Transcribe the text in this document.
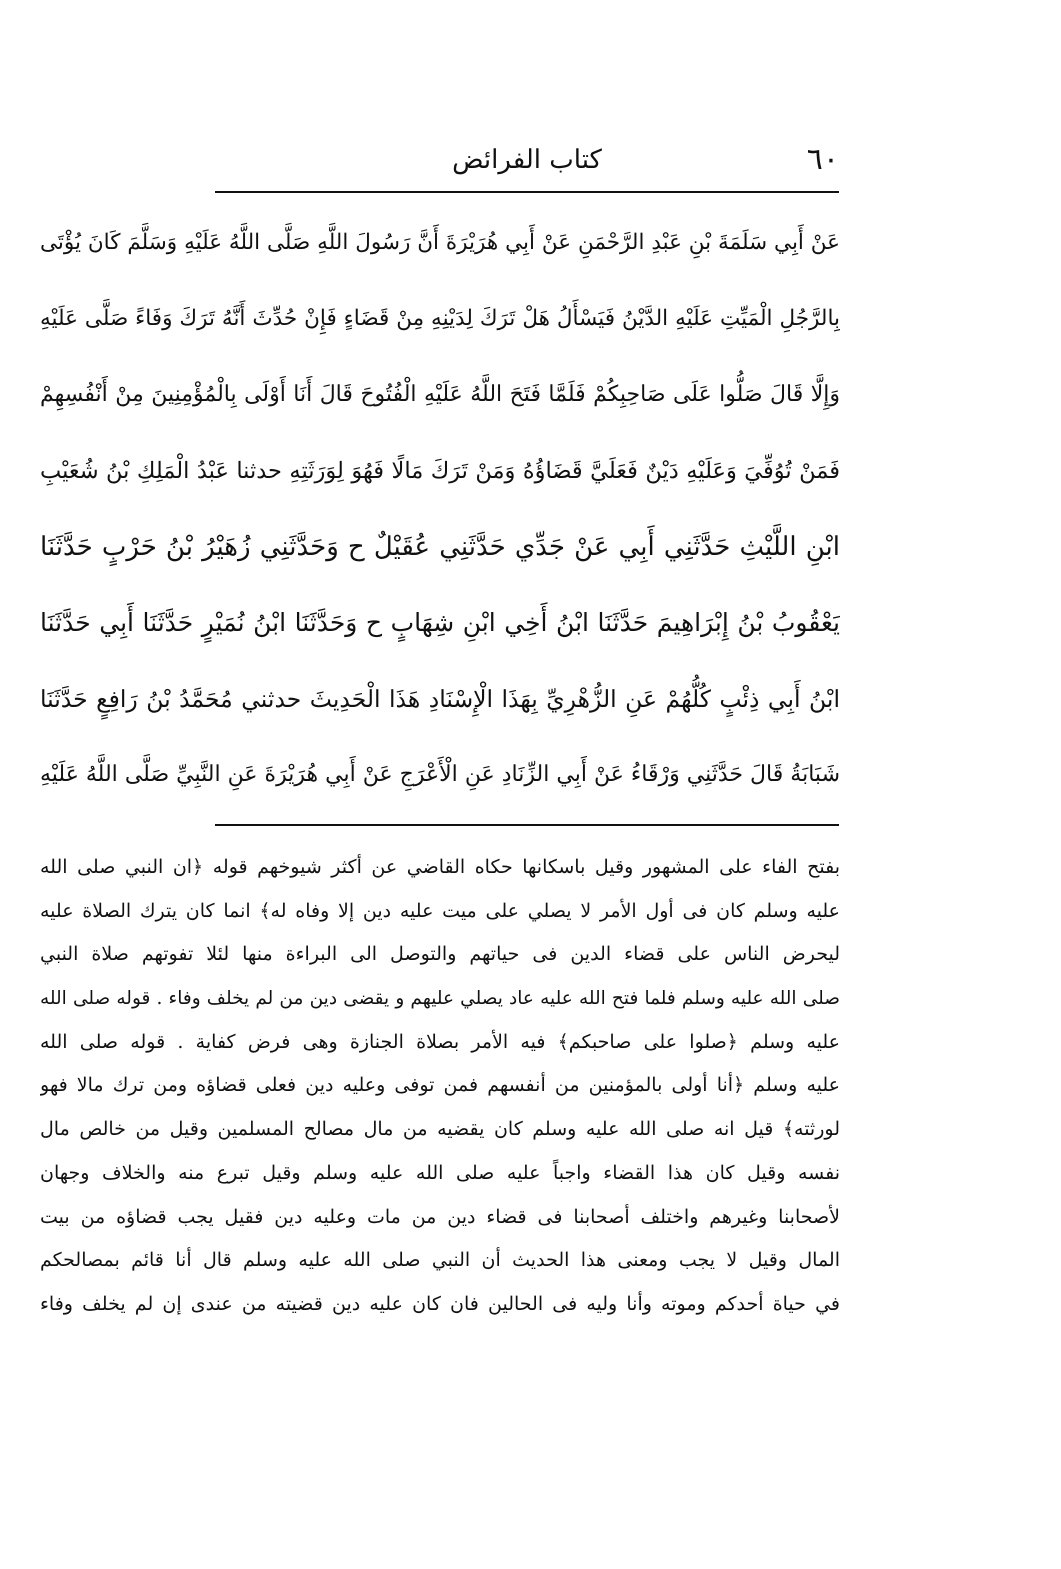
٦٠
كتاب الفرائض
عَنْ أَبِي سَلَمَةَ بْنِ عَبْدِ الرَّحْمَنِ عَنْ أَبِي هُرَيْرَةَ أَنَّ رَسُولَ اللَّهِ صَلَّى اللَّهُ عَلَيْهِ وَسَلَّمَ كَانَ يُؤْتَى
بِالرَّجُلِ الْمَيِّتِ عَلَيْهِ الدَّيْنُ فَيَسْأَلُ هَلْ تَرَكَ لِدَيْنِهِ مِنْ قَضَاءٍ فَإِنْ حُدِّثَ أَنَّهُ تَرَكَ وَفَاءً صَلَّى عَلَيْهِ
وَإِلَّا قَالَ صَلُّوا عَلَى صَاحِبِكُمْ فَلَمَّا فَتَحَ اللَّهُ عَلَيْهِ الْفُتُوحَ قَالَ أَنَا أَوْلَى بِالْمُؤْمِنِينَ مِنْ أَنْفُسِهِمْ
فَمَنْ تُوُفِّيَ وَعَلَيْهِ دَيْنٌ فَعَلَيَّ قَضَاؤُهُ وَمَنْ تَرَكَ مَالًا فَهُوَ لِوَرَثَتِهِ حدثنا عَبْدُ الْمَلِكِ بْنُ شُعَيْبِ
ابْنِ اللَّيْثِ حَدَّثَنِي أَبِي عَنْ جَدِّي حَدَّثَنِي عُقَيْلٌ ح وَحَدَّثَنِي زُهَيْرُ بْنُ حَرْبٍ حَدَّثَنَا
يَعْقُوبُ بْنُ إِبْرَاهِيمَ حَدَّثَنَا ابْنُ أَخِي ابْنِ شِهَابٍ ح وَحَدَّثَنَا ابْنُ نُمَيْرٍ حَدَّثَنَا أَبِي حَدَّثَنَا
ابْنُ أَبِي ذِئْبٍ كُلُّهُمْ عَنِ الزُّهْرِيِّ بِهَذَا الْإِسْنَادِ هَذَا الْحَدِيثَ حدثني مُحَمَّدُ بْنُ رَافِعٍ حَدَّثَنَا
شَبَابَةُ قَالَ حَدَّثَنِي وَرْقَاءُ عَنْ أَبِي الزِّنَادِ عَنِ الْأَعْرَجِ عَنْ أَبِي هُرَيْرَةَ عَنِ النَّبِيِّ صَلَّى اللَّهُ عَلَيْهِ
بفتح الفاء على المشهور وقيل باسكانها حكاه القاضي عن أكثر شيوخهم قوله ﴿ان النبي صلى الله
عليه وسلم كان فى أول الأمر لا يصلي على ميت عليه دين إلا وفاه له﴾ انما كان يترك الصلاة عليه
ليحرض الناس على قضاء الدين فى حياتهم والتوصل الى البراءة منها لئلا تفوتهم صلاة النبي
صلى الله عليه وسلم فلما فتح الله عليه عاد يصلي عليهم و يقضى دين من لم يخلف وفاء . قوله صلى الله
عليه وسلم ﴿صلوا على صاحبكم﴾ فيه الأمر بصلاة الجنازة وهى فرض كفاية . قوله صلى الله
عليه وسلم ﴿أنا أولى بالمؤمنين من أنفسهم فمن توفى وعليه دين فعلى قضاؤه ومن ترك مالا فهو
لورثته﴾ قيل انه صلى الله عليه وسلم كان يقضيه من مال مصالح المسلمين وقيل من خالص مال
نفسه وقيل كان هذا القضاء واجباً عليه صلى الله عليه وسلم وقيل تبرع منه والخلاف وجهان
لأصحابنا وغيرهم واختلف أصحابنا فى قضاء دين من مات وعليه دين فقيل يجب قضاؤه من بيت
المال وقيل لا يجب ومعنى هذا الحديث أن النبي صلى الله عليه وسلم قال أنا قائم بمصالحكم
في حياة أحدكم وموته وأنا وليه فى الحالين فان كان عليه دين قضيته من عندى إن لم يخلف وفاء
